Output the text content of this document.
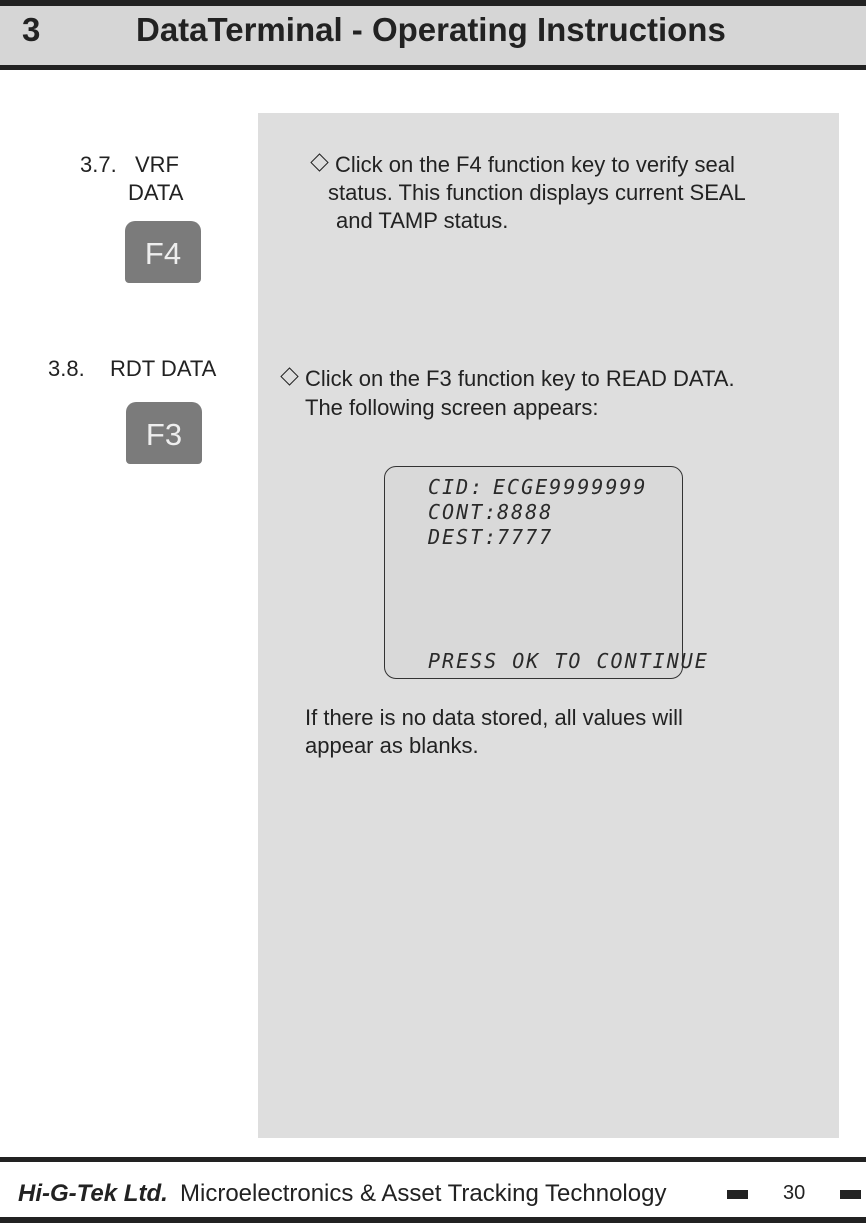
3	DataTerminal - Operating Instructions
3.7. VRF
DATA
F4
Click on the F4 function key to verify seal
status. This function displays current SEAL
and TAMP status.
3.8. RDT DATA
F3
Click on the F3 function key to READ DATA.
The following screen appears:
CID: ECGE9999999
CONT:
8888
DEST:
7777
PRESS OK TO CONTINUE
If there is no data stored, all values will
appear as blanks.
Hi-G-Tek Ltd. Microelectronics & Asset Tracking Technology	30
